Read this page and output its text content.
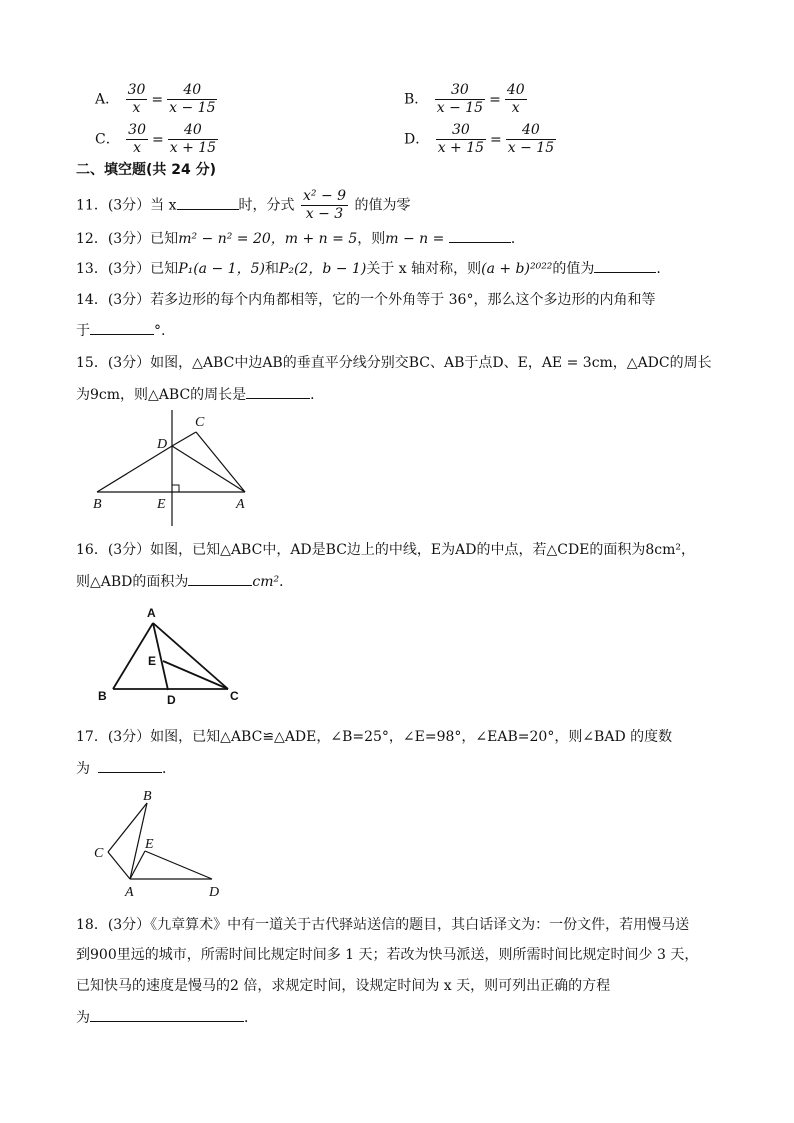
A． $\frac{30}{x} = \frac{40}{x - 15}$	B． $\frac{30}{x - 15} = \frac{40}{x}$
C． $\frac{30}{x} = \frac{40}{x + 15}$	D． $\frac{30}{x + 15} = \frac{40}{x - 15}$
二、填空题(共 24 分)
11．(3分）当 x	时，分式 $\frac{\text{x² − 9}}{x - 3}$ 的值为零
12．(3分）已知m² − n² = 20，m + n = 5，则m − n =	．
13．(3分）已知P₁(a − 1，5)和P₂(2，b − 1)关于 x 轴对称，则(a + b)²⁰²²的值为	.
14．(3分）若多边形的每个内角都相等，它的一个外角等于 36°，那么这个多边形的内角和等
于	°.
15．(3分）如图，△ABC中边AB的垂直平分线分别交BC、AB于点D、E，AE = 3cm，△ADC的周长
为9cm，则△ABC的周长是	．
B	E	A
D
C
16．(3分）如图，已知△ABC中，AD是BC边上的中线，E为AD的中点，若△CDE的面积为8cm²，
则△ABD的面积为	cm²．
A
B	C
D
E
17．(3分）如图，已知△ABC≌△ADE，∠B=25°，∠E=98°，∠EAB=20°，则∠BAD 的度数
为	．
B
C
A
E
D
18．(3分）《九章算术》中有一道关于古代驿站送信的题目，其白话译文为：一份文件，若用慢马送
到900里远的城市，所需时间比规定时间多 1 天；若改为快马派送，则所需时间比规定时间少 3 天，
已知快马的速度是慢马的2 倍，求规定时间，设规定时间为 x 天，则可列出正确的方程
为	．
